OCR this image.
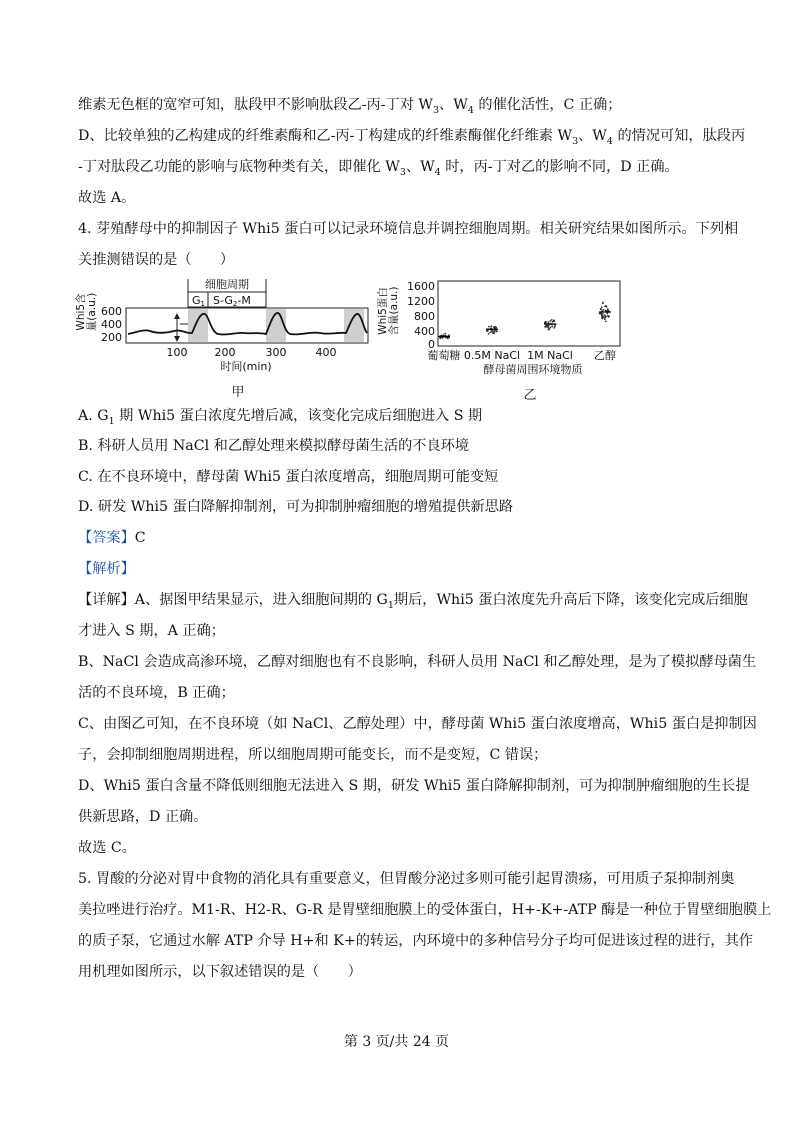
维素无色框的宽窄可知，肽段甲不影响肽段乙-丙-丁对 $W_3$、$W_4$ 的催化活性，C 正确；
D、比较单独的乙构建成的纤维素酶和乙-丙-丁构建成的纤维素酶催化纤维素 $W_3$、$W_4$ 的情况可知，肽段丙
-丁对肽段乙功能的影响与底物种类有关，即催化 $W_3$、$W_4$ 时，丙-丁对乙的影响不同，D 正确。
故选 A。
4. 芽殖酵母中的抑制因子 Whi5 蛋白可以记录环境信息并调控细胞周期。相关研究结果如图所示。下列相
关推测错误的是（　　）
Whi5含 量(a.u.)
细胞周期
G1 S-G2-M
600
400
200
100 200	300	400
时间(min)
甲
Whi5蛋白 含量(a.u.)
1600
1200
800
400
0
葡萄糖 0.5M NaCl 1M NaCl 乙醇
酵母菌周围环境物质
乙
A. $G_1$ 期 Whi5 蛋白浓度先增后减，该变化完成后细胞进入 S 期
B. 科研人员用 NaCl 和乙醇处理来模拟酵母菌生活的不良环境
C. 在不良环境中，酵母菌 Whi5 蛋白浓度增高，细胞周期可能变短
D. 研发 Whi5 蛋白降解抑制剂，可为抑制肿瘤细胞的增殖提供新思路
【答案】C
【解析】
【详解】A、据图甲结果显示，进入细胞间期的 $G_1$期后，Whi5 蛋白浓度先升高后下降，该变化完成后细胞
才进入 S 期，A 正确；
B、NaCl 会造成高渗环境，乙醇对细胞也有不良影响，科研人员用 NaCl 和乙醇处理，是为了模拟酵母菌生
活的不良环境，B 正确；
C、由图乙可知，在不良环境（如 NaCl、乙醇处理）中，酵母菌 Whi5 蛋白浓度增高，Whi5 蛋白是抑制因
子，会抑制细胞周期进程，所以细胞周期可能变长，而不是变短，C 错误；
D、Whi5 蛋白含量不降低则细胞无法进入 S 期，研发 Whi5 蛋白降解抑制剂，可为抑制肿瘤细胞的生长提
供新思路，D 正确。
故选 C。
5. 胃酸的分泌对胃中食物的消化具有重要意义，但胃酸分泌过多则可能引起胃溃疡，可用质子泵抑制剂奥
美拉唑进行治疗。M1-R、H2-R、G-R 是胃壁细胞膜上的受体蛋白，H+-K+-ATP 酶是一种位于胃壁细胞膜上
的质子泵，它通过水解 ATP 介导 H+和 K+的转运，内环境中的多种信号分子均可促进该过程的进行，其作
用机理如图所示，以下叙述错误的是（　　）
第 3 页/共 24 页
